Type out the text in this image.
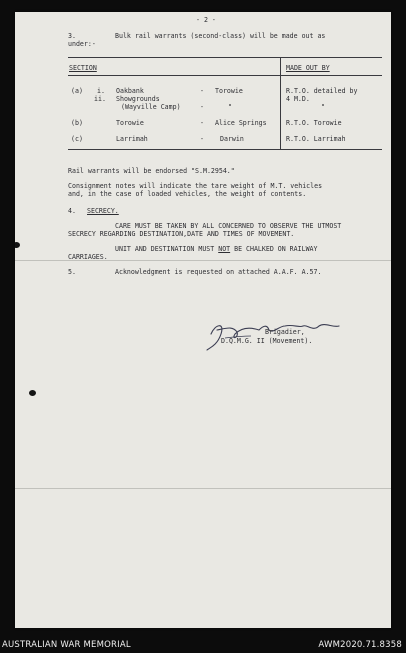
- 2 -
3.	Bulk rail warrants (second-class) will be made out as
under:-
SECTION	MADE OUT BY
(a) i. Oakbank	- Torowie	R.T.O. detailed by
ii. Showgrounds	4 M.D.
(Wayville Camp)	-	"	"
(b)	Torowie	- Alice Springs	R.T.O. Torowie
(c)	Larrimah	- Darwin	R.T.O. Larrimah
Rail warrants will be endorsed "S.M.2954."
Consignment notes will indicate the tare weight of M.T. vehicles
and, in the case of loaded vehicles, the weight of contents.
4. SECRECY.
CARE MUST BE TAKEN BY ALL CONCERNED TO OBSERVE THE UTMOST
SECRECY REGARDING DESTINATION,DATE AND TIMES OF MOVEMENT.
UNIT AND DESTINATION MUST NOT BE CHALKED ON RAILWAY
CARRIAGES.
5.	Acknowledgment is requested on attached A.A.F. A.57.
Brigadier,
D.Q.M.G. II (Movement).
AUSTRALIAN WAR MEMORIAL	AWM2020.71.8358
